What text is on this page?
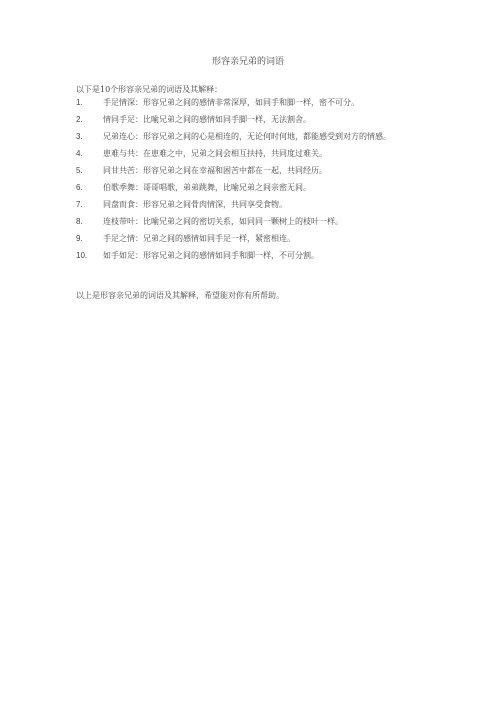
形容亲兄弟的词语
以下是10个形容亲兄弟的词语及其解释：
1.	手足情深：形容兄弟之间的感情非常深厚，如同手和脚一样，密不可分。
2.	情同手足：比喻兄弟之间的感情如同手脚一样，无法割舍。
3.	兄弟连心：形容兄弟之间的心是相连的，无论何时何地，都能感受到对方的情感。
4.	患难与共：在患难之中，兄弟之间会相互扶持，共同度过难关。
5.	同甘共苦：形容兄弟之间在幸福和困苦中都在一起，共同经历。
6.	伯歌季舞：哥哥唱歌，弟弟跳舞，比喻兄弟之间亲密无间。
7.	同盘而食：形容兄弟之间骨肉情深，共同享受食物。
8.	连枝带叶：比喻兄弟之间的密切关系，如同同一颗树上的枝叶一样。
9.	手足之情：兄弟之间的感情如同手足一样，紧密相连。
10.	如手如足：形容兄弟之间的感情如同手和脚一样，不可分割。
以上是形容亲兄弟的词语及其解释，希望能对你有所帮助。
